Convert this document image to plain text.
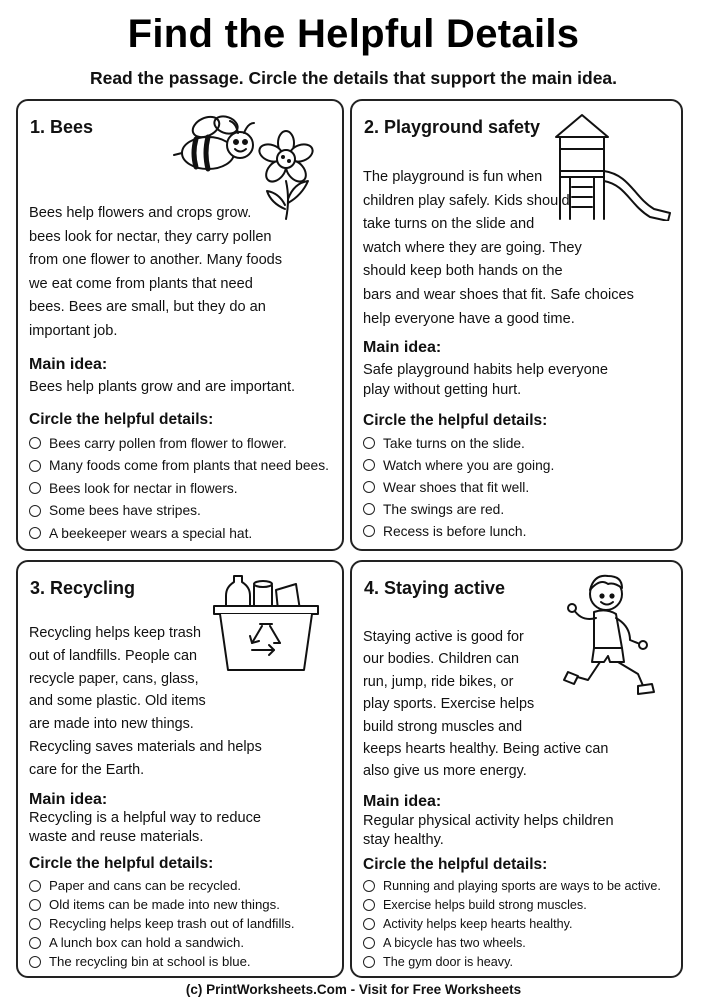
Find the Helpful Details
Read the passage. Circle the details that support the main idea.
1. Bees
Bees help flowers and crops grow.
bees look for nectar, they carry pollen
from one flower to another. Many foods
we eat come from plants that need
bees. Bees are small, but they do an
important job.
Main idea:
Bees help plants grow and are important.
Circle the helpful details:
Bees carry pollen from flower to flower.
Many foods come from plants that need bees.
Bees look for nectar in flowers.
Some bees have stripes.
A beekeeper wears a special hat.
2. Playground safety
The playground is fun when
children play safely. Kids should
take turns on the slide and
watch where they are going. They
should keep both hands on the
bars and wear shoes that fit. Safe choices
help everyone have a good time.
Main idea:
Safe playground habits help everyone
play without getting hurt.
Circle the helpful details:
Take turns on the slide.
Watch where you are going.
Wear shoes that fit well.
The swings are red.
Recess is before lunch.
3. Recycling
Recycling helps keep trash
out of landfills. People can
recycle paper, cans, glass,
and some plastic. Old items
are made into new things.
Recycling saves materials and helps
care for the Earth.
Main idea:
Recycling is a helpful way to reduce
waste and reuse materials.
Circle the helpful details:
Paper and cans can be recycled.
Old items can be made into new things.
Recycling helps keep trash out of landfills.
A lunch box can hold a sandwich.
The recycling bin at school is blue.
4. Staying active
Staying active is good for
our bodies. Children can
run, jump, ride bikes, or
play sports. Exercise helps
build strong muscles and
keeps hearts healthy. Being active can
also give us more energy.
Main idea:
Regular physical activity helps children
stay healthy.
Circle the helpful details:
Running and playing sports are ways to be active.
Exercise helps build strong muscles.
Activity helps keep hearts healthy.
A bicycle has two wheels.
The gym door is heavy.
(c) PrintWorksheets.Com - Visit for Free Worksheets
